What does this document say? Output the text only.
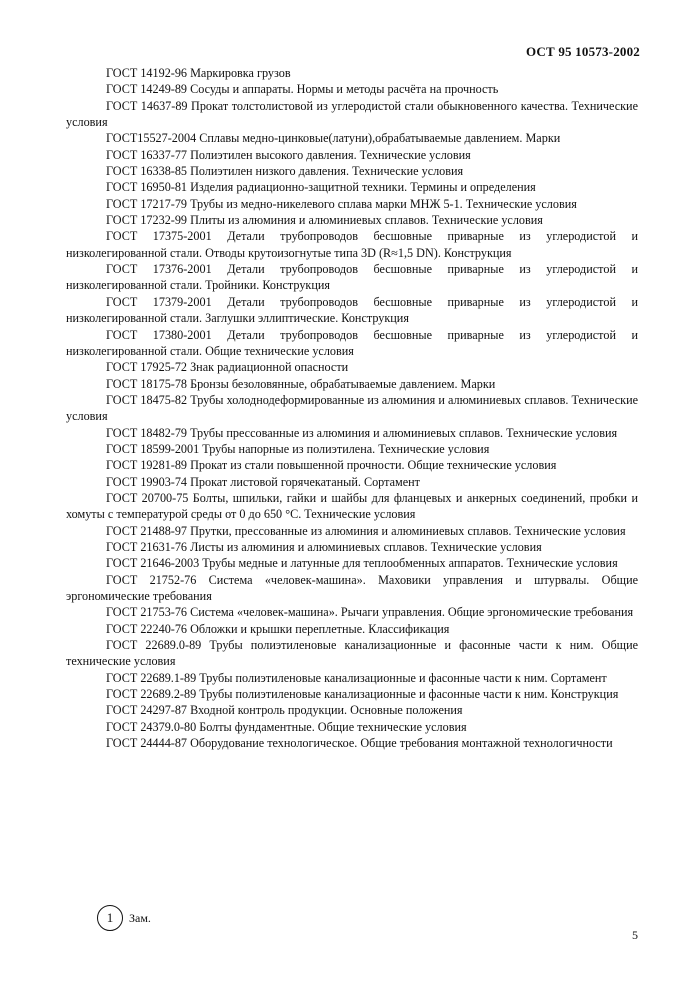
ОСТ 95 10573-2002

ГОСТ 14192-96 Маркировка грузов

ГОСТ 14249-89 Сосуды и аппараты. Нормы и методы расчёта на прочность

ГОСТ 14637-89 Прокат толстолистовой из углеродистой стали обыкновенного качества. Технические условия

ГОСТ15527-2004 Сплавы медно-цинковые(латуни),обрабатываемые давлением. Марки

ГОСТ 16337-77 Полиэтилен высокого давления. Технические условия

ГОСТ 16338-85 Полиэтилен низкого давления. Технические условия

ГОСТ 16950-81 Изделия радиационно-защитной техники. Термины и определения

ГОСТ 17217-79 Трубы из медно-никелевого сплава марки МНЖ 5-1. Технические условия

ГОСТ 17232-99 Плиты из алюминия и алюминиевых сплавов. Технические условия

ГОСТ 17375-2001 Детали трубопроводов бесшовные приварные из углеродистой и низколегированной стали. Отводы крутоизогнутые типа 3D (R≈1,5 DN). Конструкция

ГОСТ 17376-2001 Детали трубопроводов бесшовные приварные из углеродистой и низколегированной стали. Тройники. Конструкция

ГОСТ 17379-2001 Детали трубопроводов бесшовные приварные из углеродистой и низколегированной стали. Заглушки эллиптические. Конструкция

ГОСТ 17380-2001 Детали трубопроводов бесшовные приварные из углеродистой и низколегированной стали. Общие технические условия

ГОСТ 17925-72 Знак радиационной опасности

ГОСТ 18175-78 Бронзы безоловянные, обрабатываемые давлением. Марки

ГОСТ 18475-82 Трубы холоднодеформированные из алюминия и алюминиевых сплавов. Технические условия

ГОСТ 18482-79 Трубы прессованные из алюминия и алюминиевых сплавов. Технические условия

ГОСТ 18599-2001 Трубы напорные из полиэтилена. Технические условия

ГОСТ 19281-89 Прокат из стали повышенной прочности. Общие технические условия

ГОСТ 19903-74 Прокат листовой горячекатаный. Сортамент

ГОСТ 20700-75 Болты, шпильки, гайки и шайбы для фланцевых и анкерных соединений, пробки и хомуты с температурой среды от 0 до 650 °С. Технические условия

ГОСТ 21488-97 Прутки, прессованные из алюминия и алюминиевых сплавов. Технические условия

ГОСТ 21631-76 Листы из алюминия и алюминиевых сплавов. Технические условия

ГОСТ 21646-2003 Трубы медные и латунные для теплообменных аппаратов. Технические условия

ГОСТ 21752-76 Система «человек-машина». Маховики управления и штурвалы. Общие эргономические требования

ГОСТ 21753-76 Система «человек-машина». Рычаги управления. Общие эргономические требования

ГОСТ 22240-76 Обложки и крышки переплетные. Классификация

ГОСТ 22689.0-89 Трубы полиэтиленовые канализационные и фасонные части к ним. Общие технические условия

ГОСТ 22689.1-89 Трубы полиэтиленовые канализационные и фасонные части к ним. Сортамент

ГОСТ 22689.2-89 Трубы полиэтиленовые канализационные и фасонные части к ним. Конструкция

ГОСТ 24297-87 Входной контроль продукции. Основные положения

ГОСТ 24379.0-80 Болты фундаментные. Общие технические условия

ГОСТ 24444-87 Оборудование технологическое. Общие требования монтажной технологичности

1	Зам.
5
